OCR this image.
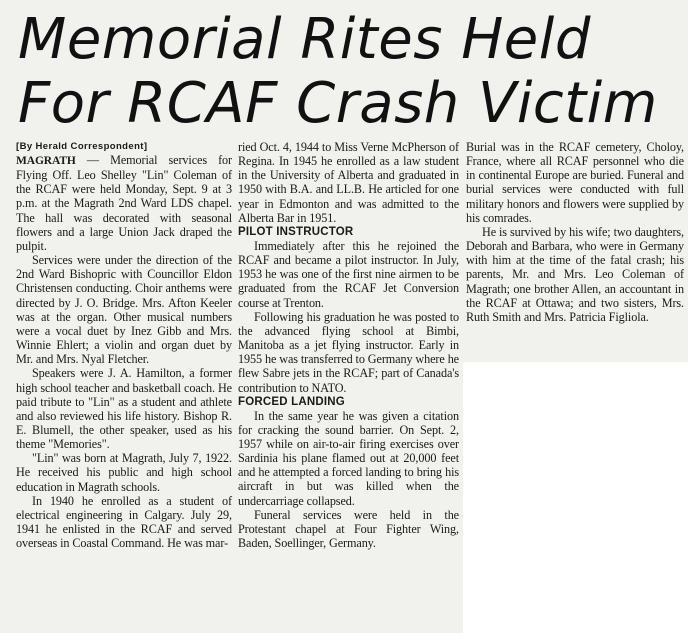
Memorial Rites Held
For RCAF Crash Victim
[By Herald Correspondent]

MAGRATH — Memorial services for Flying Off. Leo Shelley "Lin" Coleman of the RCAF were held Monday, Sept. 9 at 3 p.m. at the Magrath 2nd Ward LDS chapel. The hall was decorated with seasonal flowers and a large Union Jack draped the pulpit.

Services were under the direction of the 2nd Ward Bishopric with Councillor Eldon Christensen conducting. Choir anthems were directed by J. O. Bridge. Mrs. Afton Keeler was at the organ. Other musical numbers were a vocal duet by Inez Gibb and Mrs. Winnie Ehlert; a violin and organ duet by Mr. and Mrs. Nyal Fletcher.

Speakers were J. A. Hamilton, a former high school teacher and basketball coach. He paid tribute to "Lin" as a student and athlete and also reviewed his life history. Bishop R. E. Blumell, the other speaker, used as his theme "Memories".

"Lin" was born at Magrath, July 7, 1922. He received his public and high school education in Magrath schools.

In 1940 he enrolled as a student of electrical engineering in Calgary. July 29, 1941 he enlisted in the RCAF and served overseas in Coastal Command. He was mar-

ried Oct. 4, 1944 to Miss Verne McPherson of Regina. In 1945 he enrolled as a law student in the University of Alberta and graduated in 1950 with B.A. and LL.B. He articled for one year in Edmonton and was admitted to the Alberta Bar in 1951.

PILOT INSTRUCTOR

Immediately after this he rejoined the RCAF and became a pilot instructor. In July, 1953 he was one of the first nine airmen to be graduated from the RCAF Jet Conversion course at Trenton.

Following his graduation he was posted to the advanced flying school at Bimbi, Manitoba as a jet flying instructor. Early in 1955 he was transferred to Germany where he flew Sabre jets in the RCAF; part of Canada's contribution to NATO.

FORCED LANDING

In the same year he was given a citation for cracking the sound barrier. On Sept. 2, 1957 while on air-to-air firing exercises over Sardinia his plane flamed out at 20,000 feet and he attempted a forced landing to bring his aircraft in but was killed when the undercarriage collapsed.

Funeral services were held in the Protestant chapel at Four Fighter Wing, Baden, Soellinger, Germany.

Burial was in the RCAF cemetery, Choloy, France, where all RCAF personnel who die in continental Europe are buried. Funeral and burial services were conducted with full military honors and flowers were supplied by his comrades.

He is survived by his wife; two daughters, Deborah and Barbara, who were in Germany with him at the time of the fatal crash; his parents, Mr. and Mrs. Leo Coleman of Magrath; one brother Allen, an accountant in the RCAF at Ottawa; and two sisters, Mrs. Ruth Smith and Mrs. Patricia Figliola.
